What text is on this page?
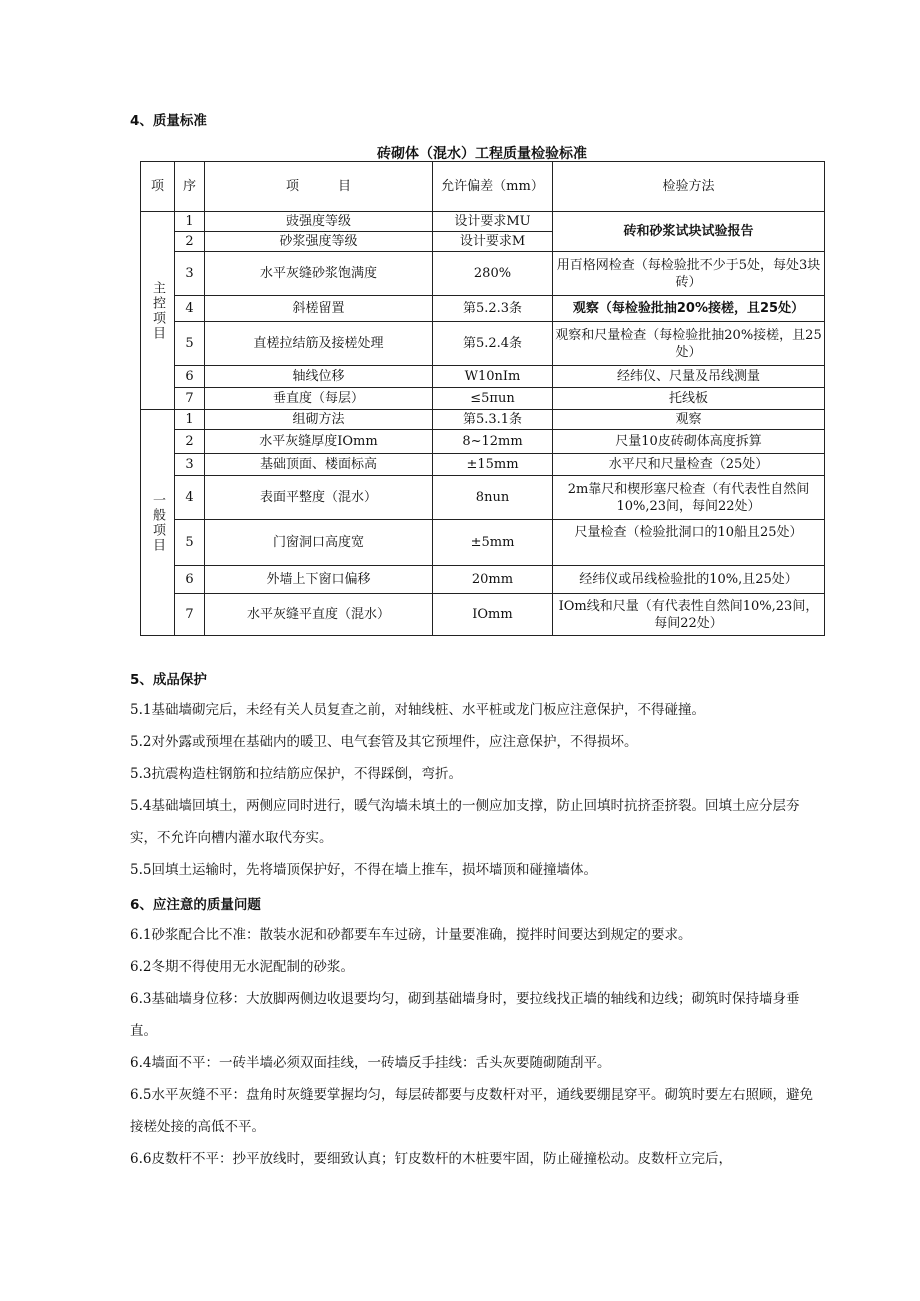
4、质量标准
砖砌体（混水）工程质量检验标准
项	序	项　　　目	允许偏差（mm）	检验方法

主控项目	1	豉强度等级	设计要求MU	砖和砂浆试块试验报告
	2	砂浆强度等级	设计要求M	
	3	水平灰缝砂浆饱满度	280%	用百格网检查（每检验批不少于5处，每处3块砖）
	4	斜槎留置	第5.2.3条	观察（每检验批抽20%接槎，且25处）
	5	直槎拉结筋及接槎处理	第5.2.4条	观察和尺量检查（每检验批抽20%接槎，且25处）
	6	轴线位移	W10nIm	经纬仪、尺量及吊线测量
	7	垂直度（每层）	≤5πun	托线板

一般项目	1	组砌方法	第5.3.1条	观察
	2	水平灰缝厚度IOmm	8~12mm	尺量10皮砖砌体高度拆算
	3	基础顶面、楼面标高	±15mm	水平尺和尺量检查（25处）
	4	表面平整度（混水）	8nun	2m靠尺和楔形塞尺检查（有代表性自然间10%,23间，每间22处）
	5	门窗洞口高度宽	±5mm	尺量检查（检验批洞口的10船且25处）
	6	外墙上下窗口偏移	20mm	经纬仪或吊线检验批的10%,且25处）
	7	水平灰缝平直度（混水）	IOmm	IOm线和尺量（有代表性自然间10%,23间，每间22处）
5、成品保护
5.1基础墙砌完后，未经有关人员复查之前，对轴线桩、水平桩或龙门板应注意保护，不得碰撞。
5.2对外露或预埋在基础内的暖卫、电气套管及其它预埋件，应注意保护，不得损坏。
5.3抗震构造柱钢筋和拉结筋应保护，不得踩倒，弯折。
5.4基础墙回填土，两侧应同时进行，暖气沟墙未填土的一侧应加支撑，防止回填时抗挤歪挤裂。回填土应分层夯实，不允许向槽内灌水取代夯实。
5.5回填土运输时，先将墙顶保护好，不得在墙上推车，损坏墙顶和碰撞墙体。
6、应注意的质量问题
6.1砂浆配合比不准：散装水泥和砂都要车车过磅，计量要准确，搅拌时间要达到规定的要求。
6.2冬期不得使用无水泥配制的砂浆。
6.3基础墙身位移：大放脚两侧边收退要均匀，砌到基础墙身时，要拉线找正墙的轴线和边线；砌筑时保持墙身垂直。
6.4墙面不平：一砖半墙必须双面挂线，一砖墙反手挂线：舌头灰要随砌随刮平。
6.5水平灰缝不平：盘角时灰缝要掌握均匀，每层砖都要与皮数杆对平，通线要绷昆穿平。砌筑时要左右照顾，避免接槎处接的高低不平。
6.6皮数杆不平：抄平放线时，要细致认真；钉皮数杆的木桩要牢固，防止碰撞松动。皮数杆立完后，
